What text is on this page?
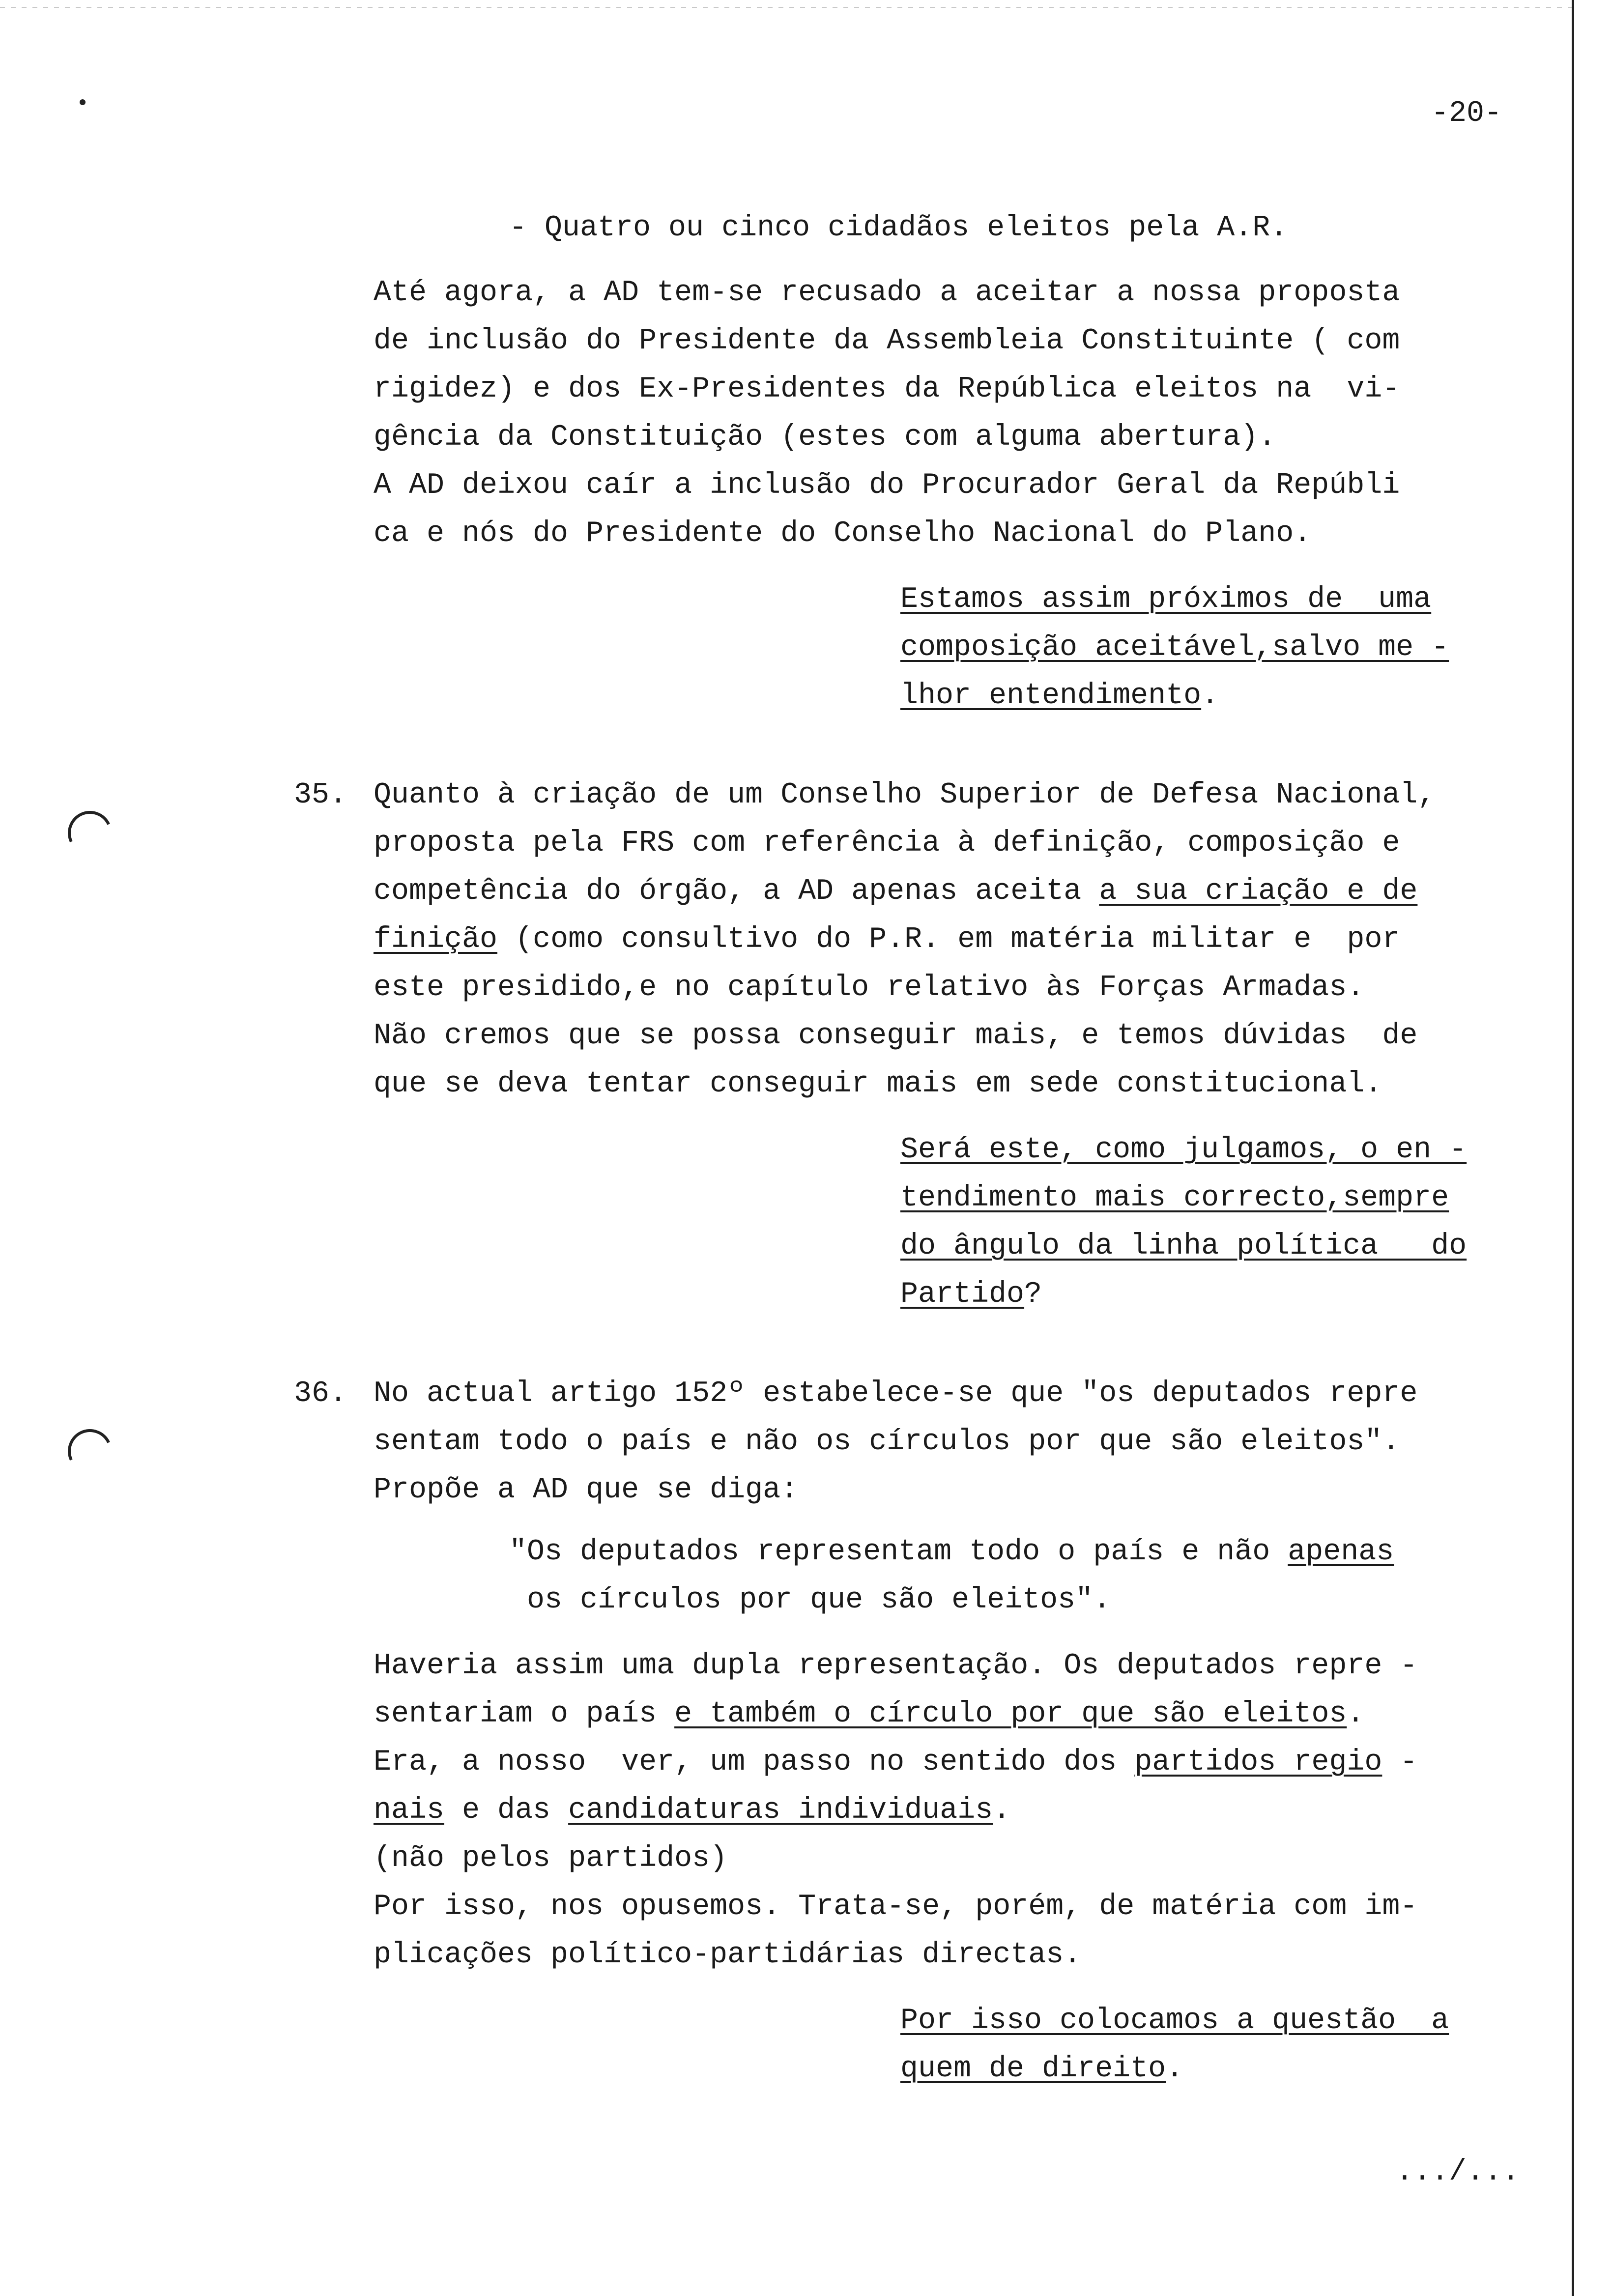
-20-
- Quatro ou cinco cidadãos eleitos pela A.R.
Até agora, a AD tem-se recusado a aceitar a nossa proposta
de inclusão do Presidente da Assembleia Constituinte ( com
rigidez) e dos Ex-Presidentes da República eleitos na  vi-
gência da Constituição (estes com alguma abertura).
A AD deixou caír a inclusão do Procurador Geral da Repúbli
ca e nós do Presidente do Conselho Nacional do Plano.
Estamos assim próximos de  uma
composição aceitável,salvo me -
lhor entendimento.
35. Quanto à criação de um Conselho Superior de Defesa Nacional,
proposta pela FRS com referência à definição, composição e
competência do órgão, a AD apenas aceita a sua criação e de
finição (como consultivo do P.R. em matéria militar e  por
este presidido,e no capítulo relativo às Forças Armadas.
Não cremos que se possa conseguir mais, e temos dúvidas  de
que se deva tentar conseguir mais em sede constitucional.
Será este, como julgamos, o en -
tendimento mais correcto,sempre
do ângulo da linha política   do
Partido?
36. No actual artigo 152º estabelece-se que "os deputados repre
sentam todo o país e não os círculos por que são eleitos".
Propõe a AD que se diga:
"Os deputados representam todo o país e não apenas
os círculos por que são eleitos".
Haveria assim uma dupla representação. Os deputados repre -
sentariam o país e também o círculo por que são eleitos.
Era, a nosso  ver, um passo no sentido dos partidos regio -
nais e das candidaturas individuais.
(não pelos partidos)
Por isso, nos opusemos. Trata-se, porém, de matéria com im-
plicações político-partidárias directas.
Por isso colocamos a questão  a
quem de direito.
.../...
